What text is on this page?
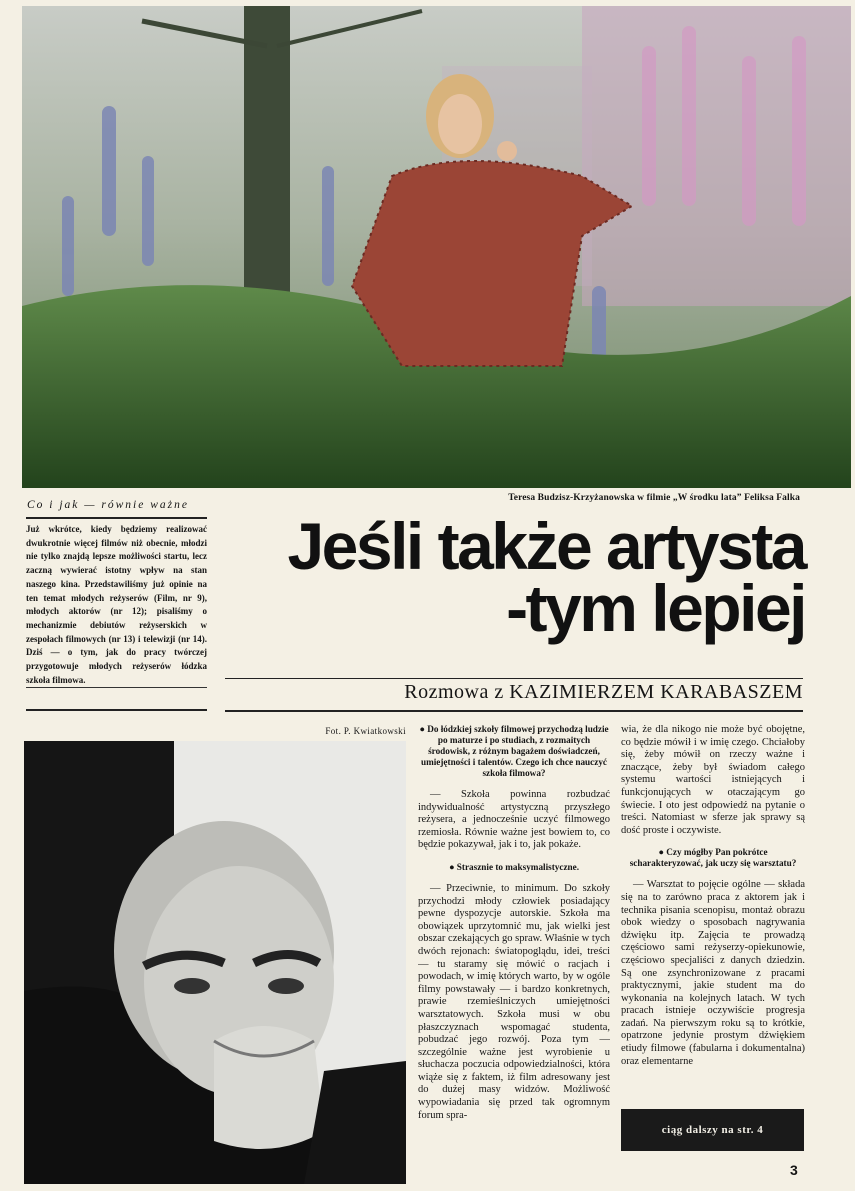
Teresa Budzisz-Krzyżanowska w filmie „W środku lata” Feliksa Falka
Co i jak — równie ważne

Już wkrótce, kiedy będziemy realizować dwukrotnie więcej filmów niż obecnie, młodzi nie tylko znajdą lepsze możliwości startu, lecz zaczną wywierać istotny wpływ na stan naszego kina. Przedstawiliśmy już opinie na ten temat młodych reżyserów (Film, nr 9), młodych aktorów (nr 12); pisaliśmy o mechanizmie debiutów reżyserskich w zespołach filmowych (nr 13) i telewizji (nr 14). Dziś — o tym, jak do pracy twórczej przygotowuje młodych reżyserów łódzka szkoła filmowa.

Jeśli także artysta
-tym lepiej
Rozmowa z KAZIMIERZEM KARABASZEM
Fot. P. Kwiatkowski ● Do łódzkiej szkoły filmowej przychodzą ludzie po maturze i po studiach, z rozmaitych środowisk, z różnym bagażem doświadczeń, umiejętności i talentów. Czego ich chce nauczyć szkoła filmowa?

— Szkoła powinna rozbudzać indywidualność artystyczną przyszłego reżysera, a jednocześnie uczyć filmowego rzemiosła. Równie ważne jest bowiem to, co będzie pokazywał, jak i to, jak pokaże.

● Strasznie to maksymalistyczne.

— Przeciwnie, to minimum. Do szkoły przychodzi młody człowiek posiadający pewne dyspozycje autorskie. Szkoła ma obowiązek uprzytomnić mu, jak wielki jest obszar czekających go spraw. Właśnie w tych dwóch rejonach: światopoglądu, idei, treści — tu staramy się mówić o racjach i powodach, w imię których warto, by w ogóle filmy powstawały — i bardzo konkretnych, prawie rzemieślniczych umiejętności warsztatowych. Szkoła musi w obu płaszczyznach wspomagać studenta, pobudzać jego rozwój. Poza tym — szczególnie ważne jest wyrobienie u słuchacza poczucia odpowiedzialności, która wiąże się z faktem, iż film adresowany jest do dużej masy widzów. Możliwość wypowiadania się przed tak ogromnym forum spra-

wia, że dla nikogo nie może być obojętne, co będzie mówił i w imię czego. Chciałoby się, żeby mówił on rzeczy ważne i znaczące, żeby był świadom całego systemu wartości istniejących i funkcjonujących w otaczającym go świecie. I oto jest odpowiedź na pytanie o treści. Natomiast w sferze jak sprawy są dość proste i oczywiste.

● Czy mógłby Pan pokrótce scharakteryzować, jak uczy się warsztatu?

— Warsztat to pojęcie ogólne — składa się na to zarówno praca z aktorem jak i technika pisania scenopisu, montaż obrazu obok wiedzy o sposobach nagrywania dźwięku itp. Zajęcia te prowadzą częściowo sami reżyserzy-opiekunowie, częściowo specjaliści z danych dziedzin. Są one zsynchronizowane z pracami praktycznymi, jakie student ma do wykonania na kolejnych latach. W tych pracach istnieje oczywiście progresja zadań. Na pierwszym roku są to krótkie, opatrzone jedynie prostym dźwiękiem etiudy filmowe (fabularna i dokumentalna) oraz elementarne

ciąg dalszy na str. 4
3
